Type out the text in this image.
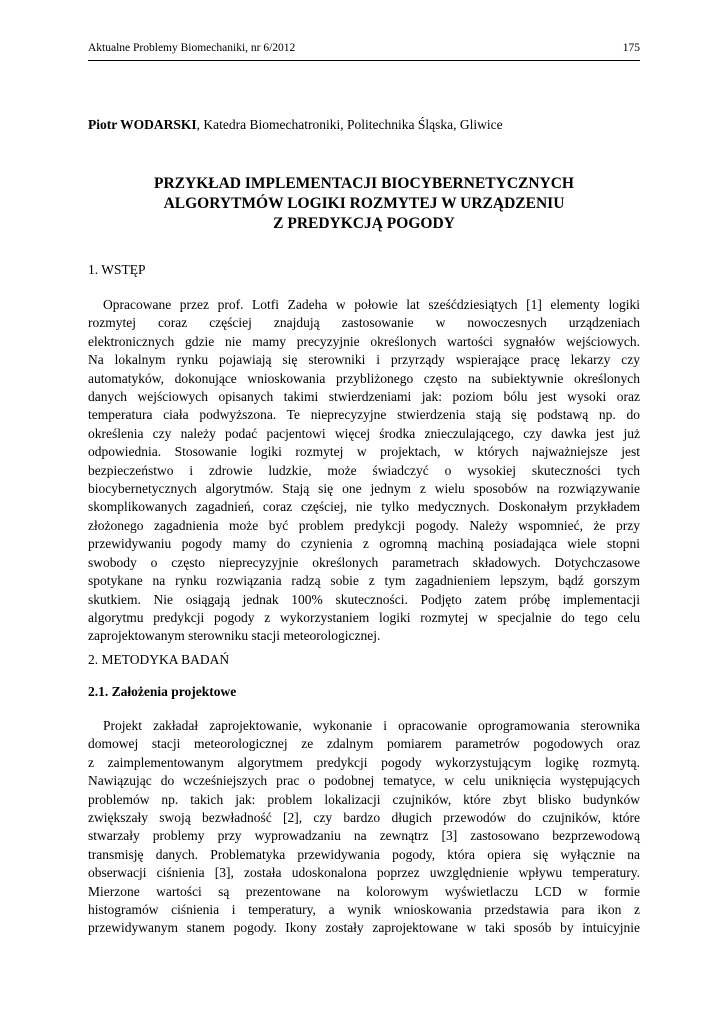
Aktualne Problemy Biomechaniki, nr 6/2012	175
Piotr WODARSKI, Katedra Biomechatroniki, Politechnika Śląska, Gliwice
PRZYKŁAD IMPLEMENTACJI BIOCYBERNETYCZNYCH
ALGORYTMÓW LOGIKI ROZMYTEJ W URZĄDZENIU
Z PREDYKCJĄ POGODY
1. WSTĘP
Opracowane przez prof. Lotfi Zadeha w połowie lat sześćdziesiątych [1] elementy logiki
rozmytej coraz częściej znajdują zastosowanie w nowoczesnych urządzeniach
elektronicznych gdzie nie mamy precyzyjnie określonych wartości sygnałów wejściowych.
Na lokalnym rynku pojawiają się sterowniki i przyrządy wspierające pracę lekarzy czy
automatyków, dokonujące wnioskowania przybliżonego często na subiektywnie określonych
danych wejściowych opisanych takimi stwierdzeniami jak: poziom bólu jest wysoki oraz
temperatura ciała podwyższona. Te nieprecyzyjne stwierdzenia stają się podstawą np. do
określenia czy należy podać pacjentowi więcej środka znieczulającego, czy dawka jest już
odpowiednia. Stosowanie logiki rozmytej w projektach, w których najważniejsze jest
bezpieczeństwo i zdrowie ludzkie, może świadczyć o wysokiej skuteczności tych
biocybernetycznych algorytmów. Stają się one jednym z wielu sposobów na rozwiązywanie
skomplikowanych zagadnień, coraz częściej, nie tylko medycznych. Doskonałym przykładem
złożonego zagadnienia może być problem predykcji pogody. Należy wspomnieć, że przy
przewidywaniu pogody mamy do czynienia z ogromną machiną posiadająca wiele stopni
swobody o często nieprecyzyjnie określonych parametrach składowych. Dotychczasowe
spotykane na rynku rozwiązania radzą sobie z tym zagadnieniem lepszym, bądź gorszym
skutkiem. Nie osiągają jednak 100% skuteczności. Podjęto zatem próbę implementacji
algorytmu predykcji pogody z wykorzystaniem logiki rozmytej w specjalnie do tego celu
zaprojektowanym sterowniku stacji meteorologicznej.
2. METODYKA BADAŃ
2.1. Założenia projektowe
Projekt zakładał zaprojektowanie, wykonanie i opracowanie oprogramowania sterownika
domowej stacji meteorologicznej ze zdalnym pomiarem parametrów pogodowych oraz
z zaimplementowanym algorytmem predykcji pogody wykorzystującym logikę rozmytą.
Nawiązując do wcześniejszych prac o podobnej tematyce, w celu uniknięcia występujących
problemów np. takich jak: problem lokalizacji czujników, które zbyt blisko budynków
zwiększały swoją bezwładność [2], czy bardzo długich przewodów do czujników, które
stwarzały problemy przy wyprowadzaniu na zewnątrz [3] zastosowano bezprzewodową
transmisję danych. Problematyka przewidywania pogody, która opiera się wyłącznie na
obserwacji ciśnienia [3], została udoskonalona poprzez uwzględnienie wpływu temperatury.
Mierzone wartości są prezentowane na kolorowym wyświetlaczu LCD w formie
histogramów ciśnienia i temperatury, a wynik wnioskowania przedstawia para ikon z
przewidywanym stanem pogody. Ikony zostały zaprojektowane w taki sposób by intuicyjnie
